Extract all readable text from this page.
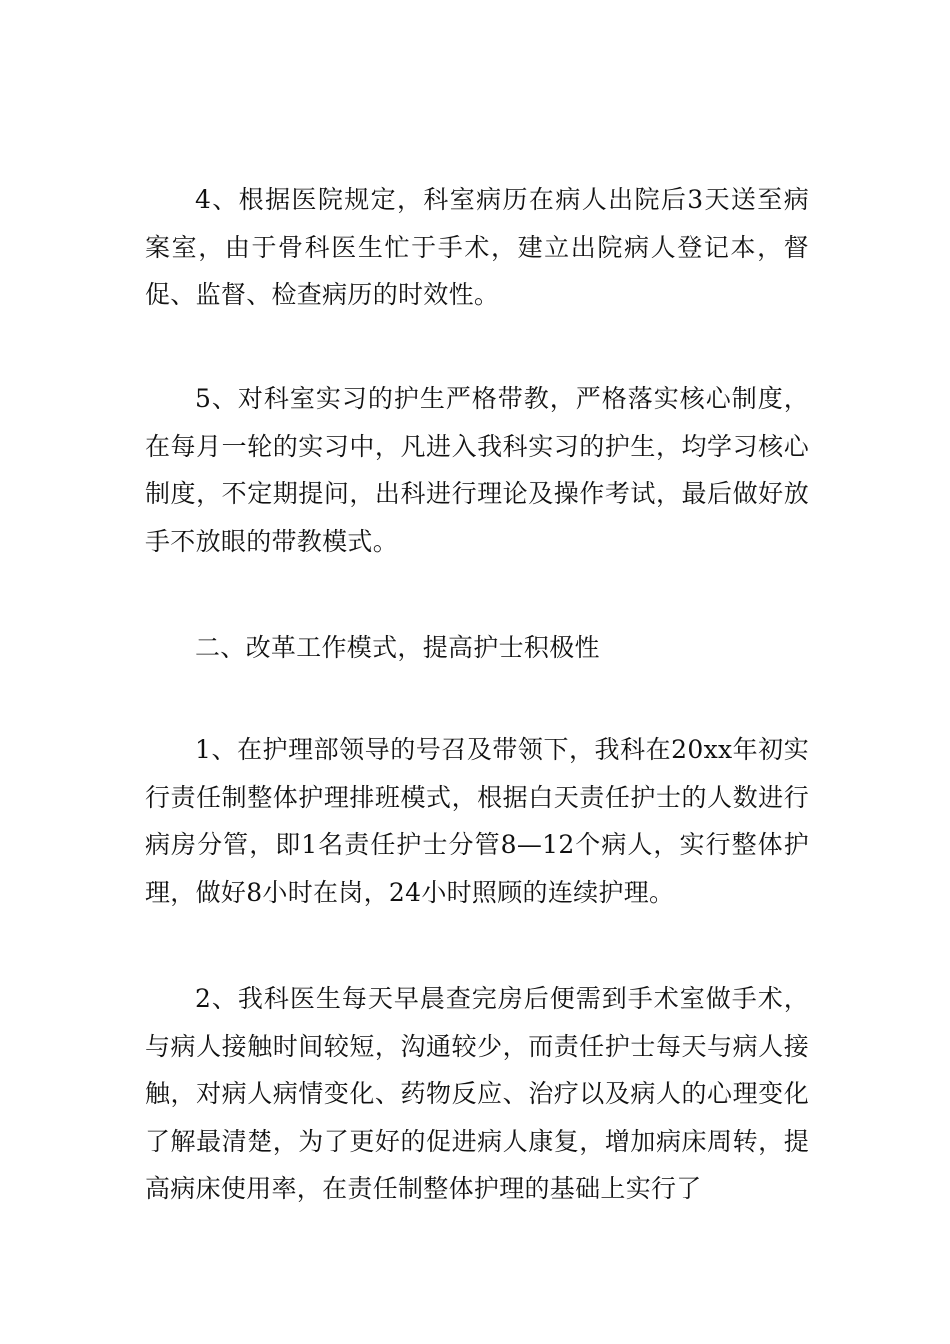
4、根据医院规定，科室病历在病人出院后3天送至病案室，由于骨科医生忙于手术，建立出院病人登记本，督促、监督、检查病历的时效性。

5、对科室实习的护生严格带教，严格落实核心制度，在每月一轮的实习中，凡进入我科实习的护生，均学习核心制度，不定期提问，出科进行理论及操作考试，最后做好放手不放眼的带教模式。

二、改革工作模式，提高护士积极性

1、在护理部领导的号召及带领下，我科在20xx年初实行责任制整体护理排班模式，根据白天责任护士的人数进行病房分管，即1名责任护士分管8—12个病人，实行整体护理，做好8小时在岗，24小时照顾的连续护理。

2、我科医生每天早晨查完房后便需到手术室做手术，与病人接触时间较短，沟通较少，而责任护士每天与病人接触，对病人病情变化、药物反应、治疗以及病人的心理变化了解最清楚，为了更好的促进病人康复，增加病床周转，提高病床使用率，在责任制整体护理的基础上实行了
